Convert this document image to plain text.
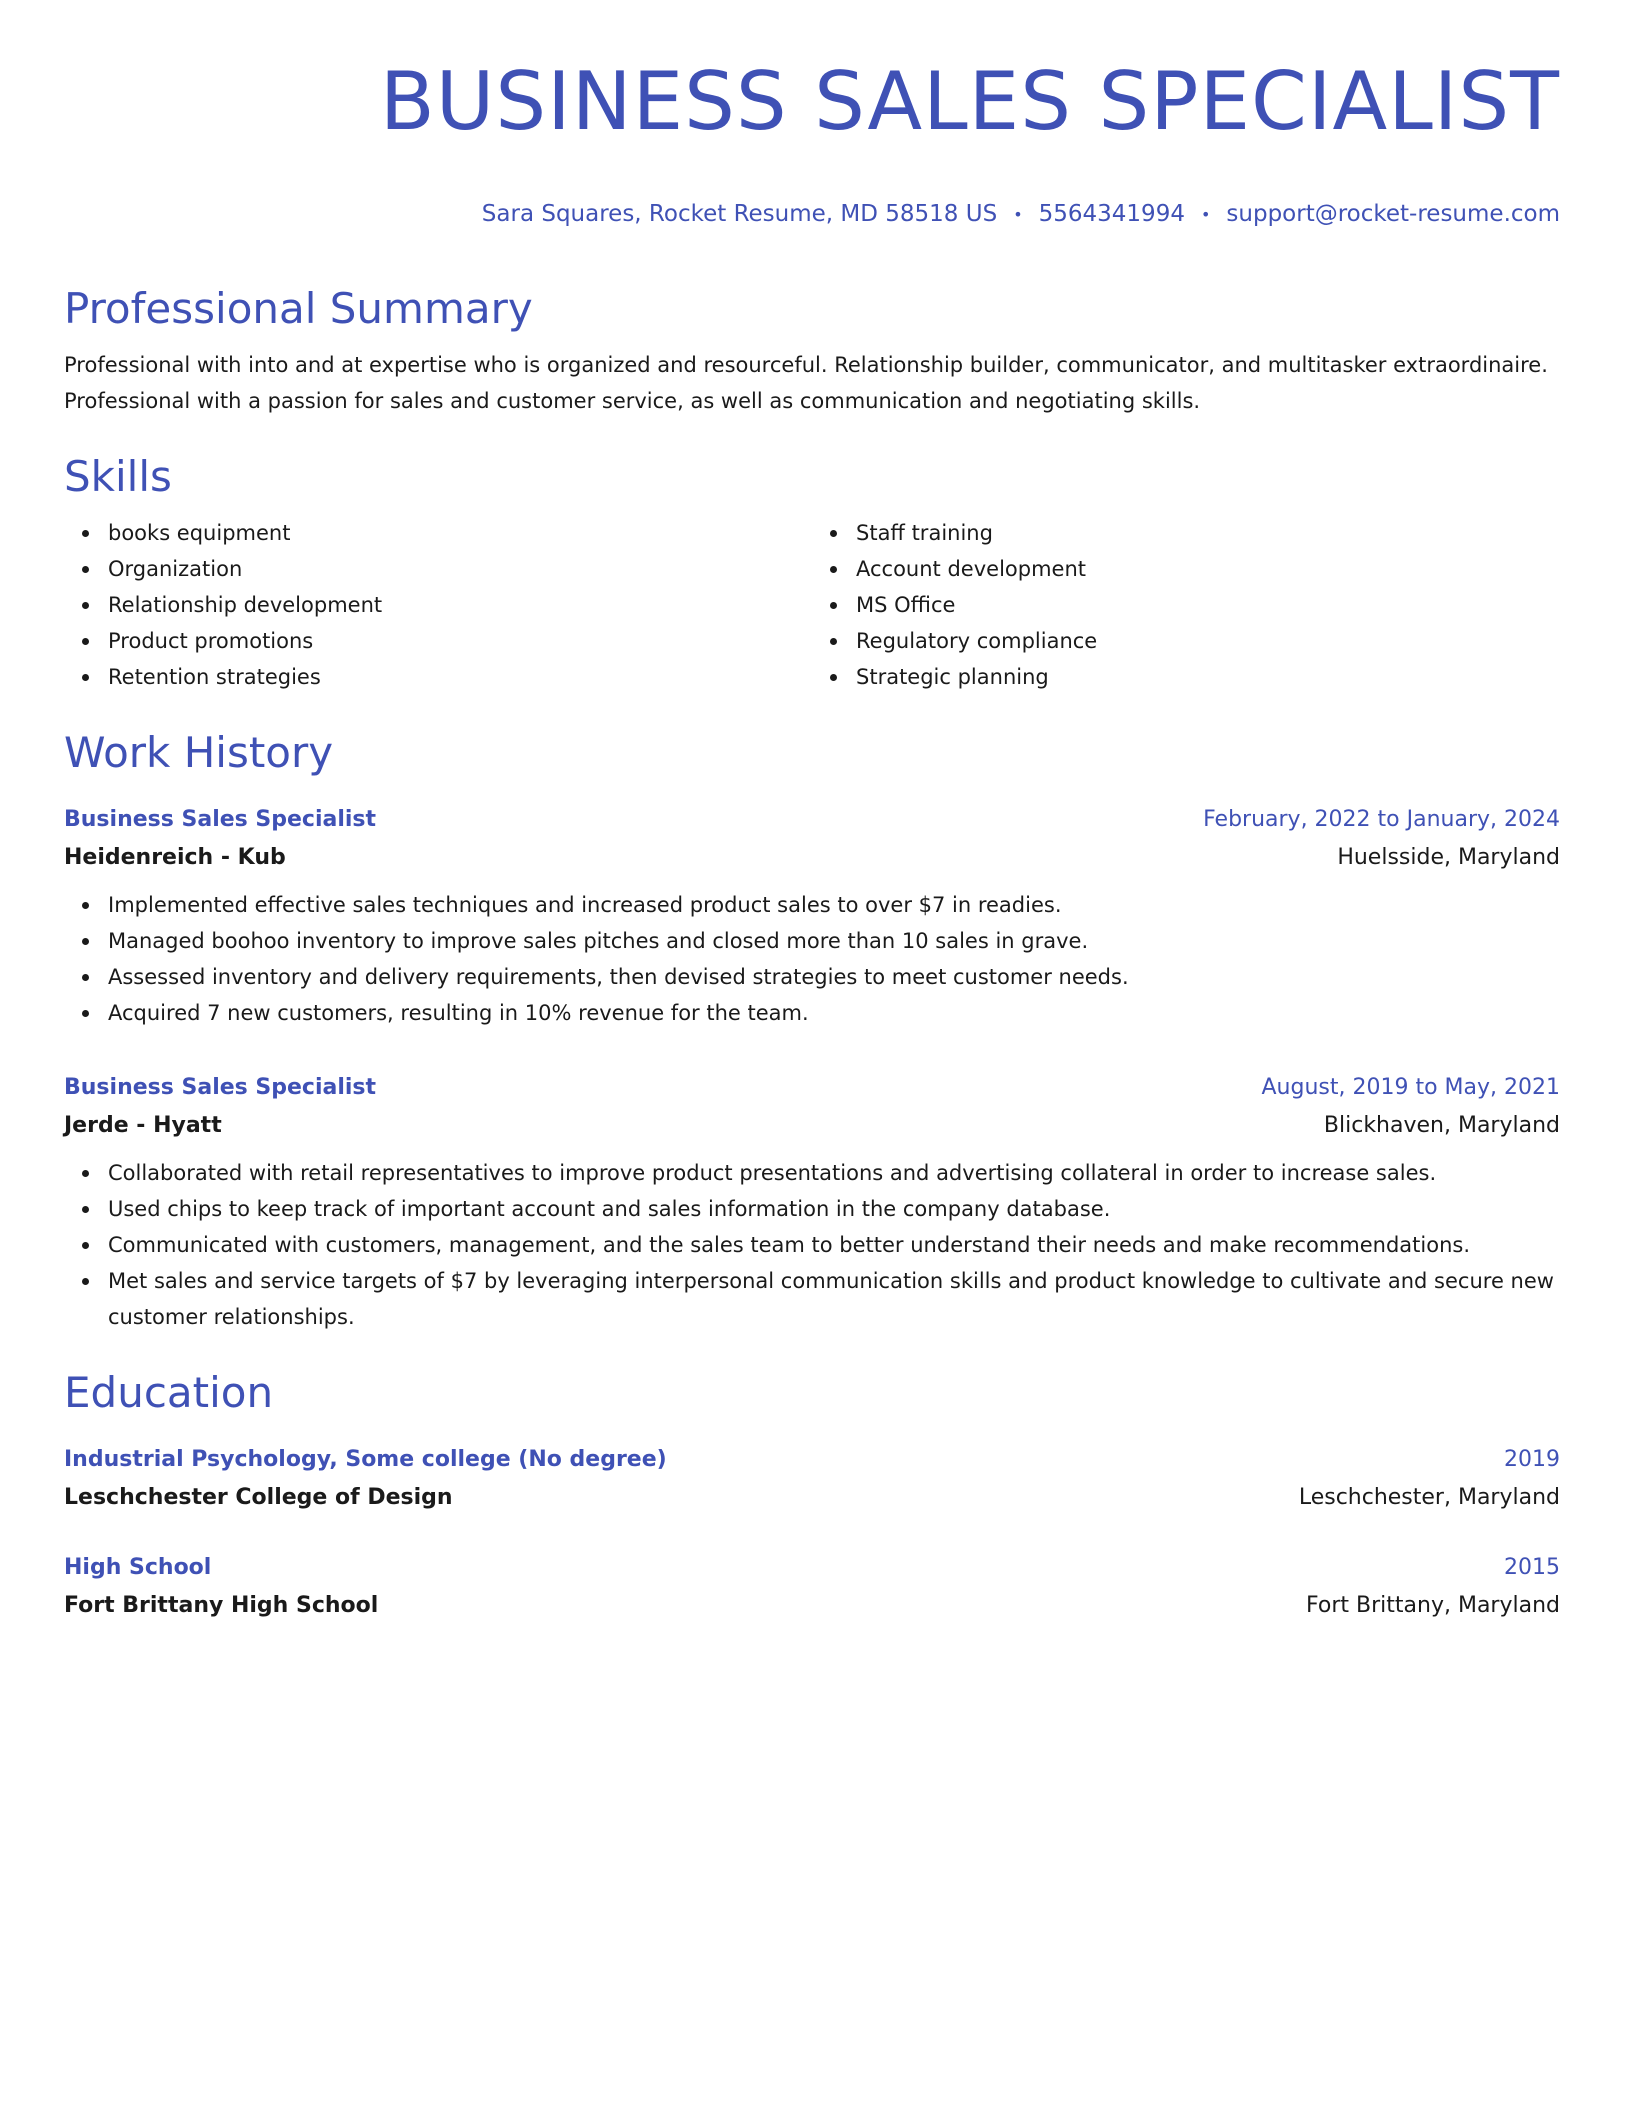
BUSINESS SALES SPECIALIST
Sara Squares, Rocket Resume, MD 58518 US • 5564341994 • support@rocket-resume.com
Professional Summary
Professional with into and at expertise who is organized and resourceful. Relationship builder, communicator, and multitasker extraordinaire. Professional with a passion for sales and customer service, as well as communication and negotiating skills.
Skills
books equipment
Organization
Relationship development
Product promotions
Retention strategies
Staff training
Account development
MS Office
Regulatory compliance
Strategic planning
Work History
Business Sales Specialist	February, 2022 to January, 2024
Heidenreich - Kub	Huelsside, Maryland
Implemented effective sales techniques and increased product sales to over $7 in readies.
Managed boohoo inventory to improve sales pitches and closed more than 10 sales in grave.
Assessed inventory and delivery requirements, then devised strategies to meet customer needs.
Acquired 7 new customers, resulting in 10% revenue for the team.
Business Sales Specialist	August, 2019 to May, 2021
Jerde - Hyatt	Blickhaven, Maryland
Collaborated with retail representatives to improve product presentations and advertising collateral in order to increase sales.
Used chips to keep track of important account and sales information in the company database.
Communicated with customers, management, and the sales team to better understand their needs and make recommendations.
Met sales and service targets of $7 by leveraging interpersonal communication skills and product knowledge to cultivate and secure new customer relationships.
Education
Industrial Psychology, Some college (No degree)	2019
Leschchester College of Design	Leschchester, Maryland
High School	2015
Fort Brittany High School	Fort Brittany, Maryland
